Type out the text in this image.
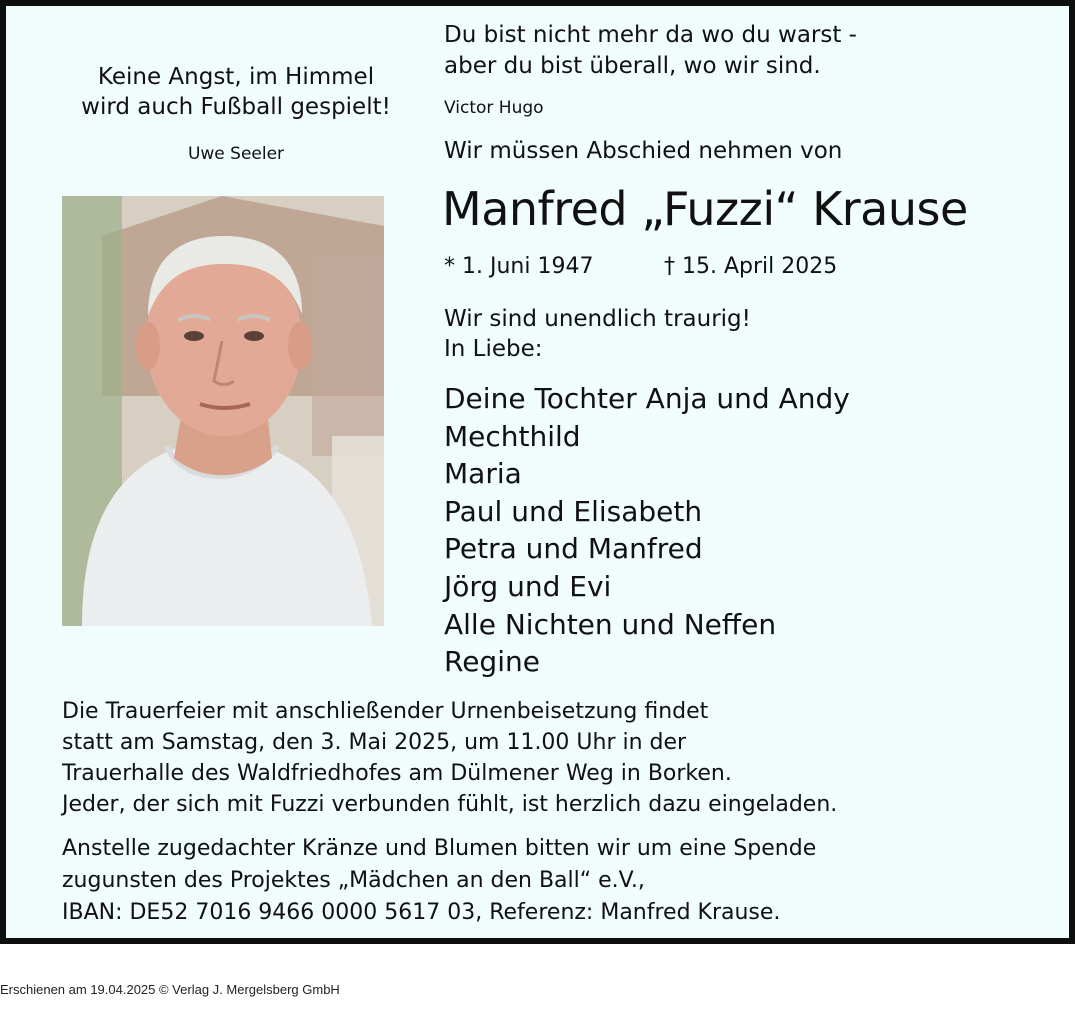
Keine Angst, im Himmel
wird auch Fußball gespielt!
Uwe Seeler
Du bist nicht mehr da wo du warst -
aber du bist überall, wo wir sind.
Victor Hugo
Wir müssen Abschied nehmen von
Manfred „Fuzzi“ Krause
* 1. Juni 1947	† 15. April 2025
Wir sind unendlich traurig!
In Liebe:
Deine Tochter Anja und Andy
Mechthild
Maria
Paul und Elisabeth
Petra und Manfred
Jörg und Evi
Alle Nichten und Neffen
Regine
Die Trauerfeier mit anschließender Urnenbeisetzung findet
statt am Samstag, den 3. Mai 2025, um 11.00 Uhr in der
Trauerhalle des Waldfriedhofes am Dülmener Weg in Borken.
Jeder, der sich mit Fuzzi verbunden fühlt, ist herzlich dazu eingeladen.
Anstelle zugedachter Kränze und Blumen bitten wir um eine Spende
zugunsten des Projektes „Mädchen an den Ball“ e.V.,
IBAN: DE52 7016 9466 0000 5617 03, Referenz: Manfred Krause.
Erschienen am 19.04.2025 © Verlag J. Mergelsberg GmbH
